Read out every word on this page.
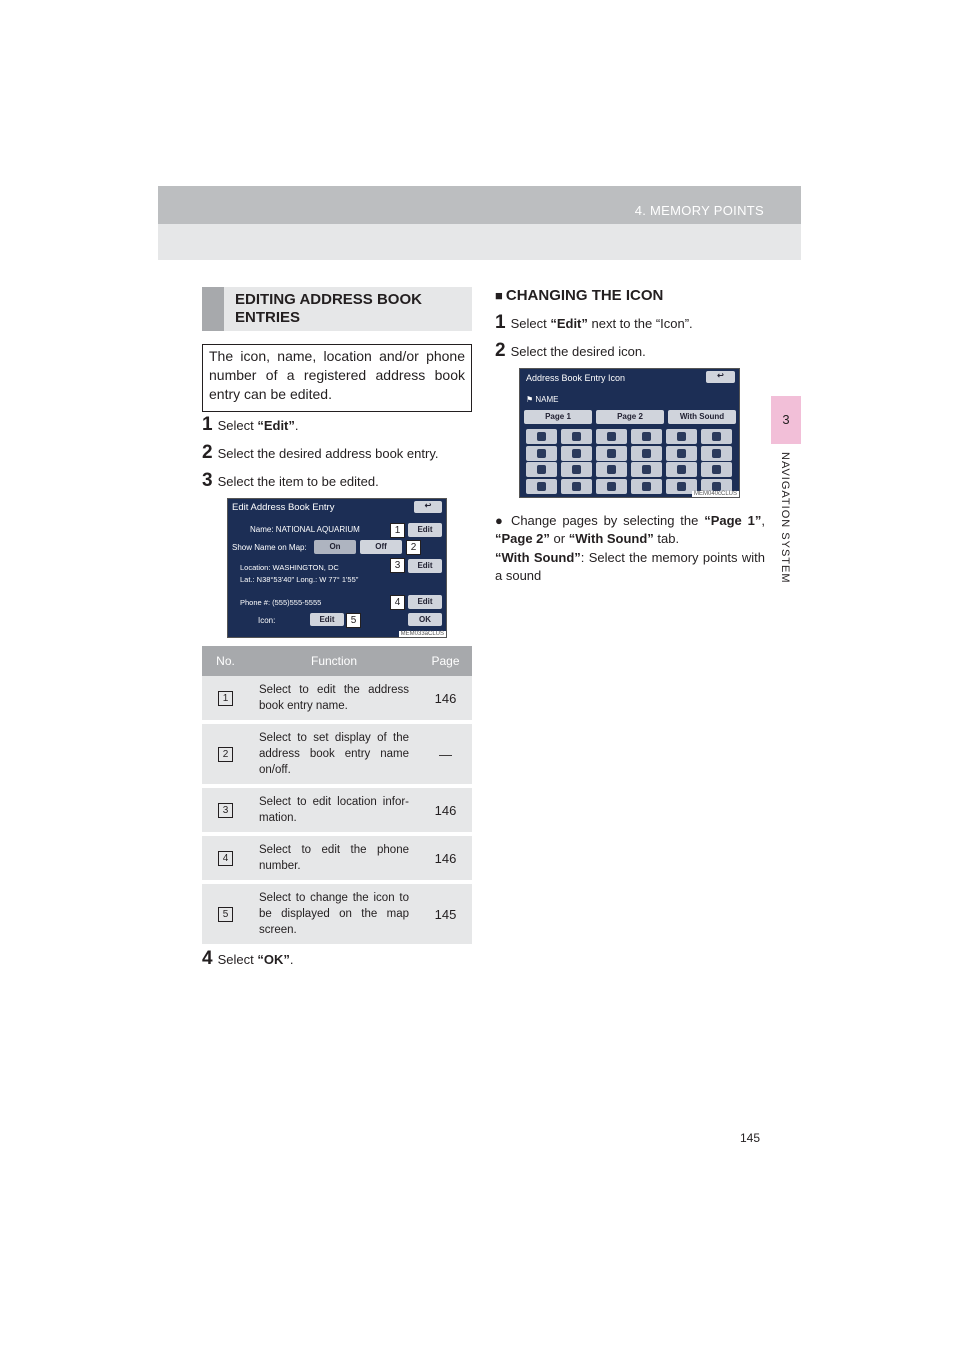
4. MEMORY POINTS
3
NAVIGATION SYSTEM
EDITING ADDRESS BOOK
ENTRIES
The icon, name, location and/or phone number of a registered address book entry can be edited.
1 Select “Edit”.
2 Select the desired address book entry.
3 Select the item to be edited.
Edit Address Book Entry	↩
Name: NATIONAL AQUARIUM	Edit
Show Name on Map:	On	Off
Location: WASHINGTON, DC	Edit
Lat.: N38°53'40" Long.: W 77° 1'55"
Phone #: (555)555-5555	Edit
Icon:	Edit	OK
1
2
3
4
5
MEM033aCLUS
No.	Function	Page
1	Select to edit the address book entry name.	146
2	Select to set display of the address book entry name on/off.	—
3	Select to edit location infor-mation.	146
4	Select to edit the phone number.	146
5	Select to change the icon to be displayed on the map screen.	145
4 Select “OK”.
■ CHANGING THE ICON
1 Select “Edit” next to the “Icon”.
2 Select the desired icon.
Address Book Entry Icon	↩
⚑ NAME
Page 1	Page 2	With Sound
MEM040cCLUS
● Change pages by selecting the “Page 1”, “Page 2” or “With Sound” tab.
“With Sound”: Select the memory points with a sound
145
